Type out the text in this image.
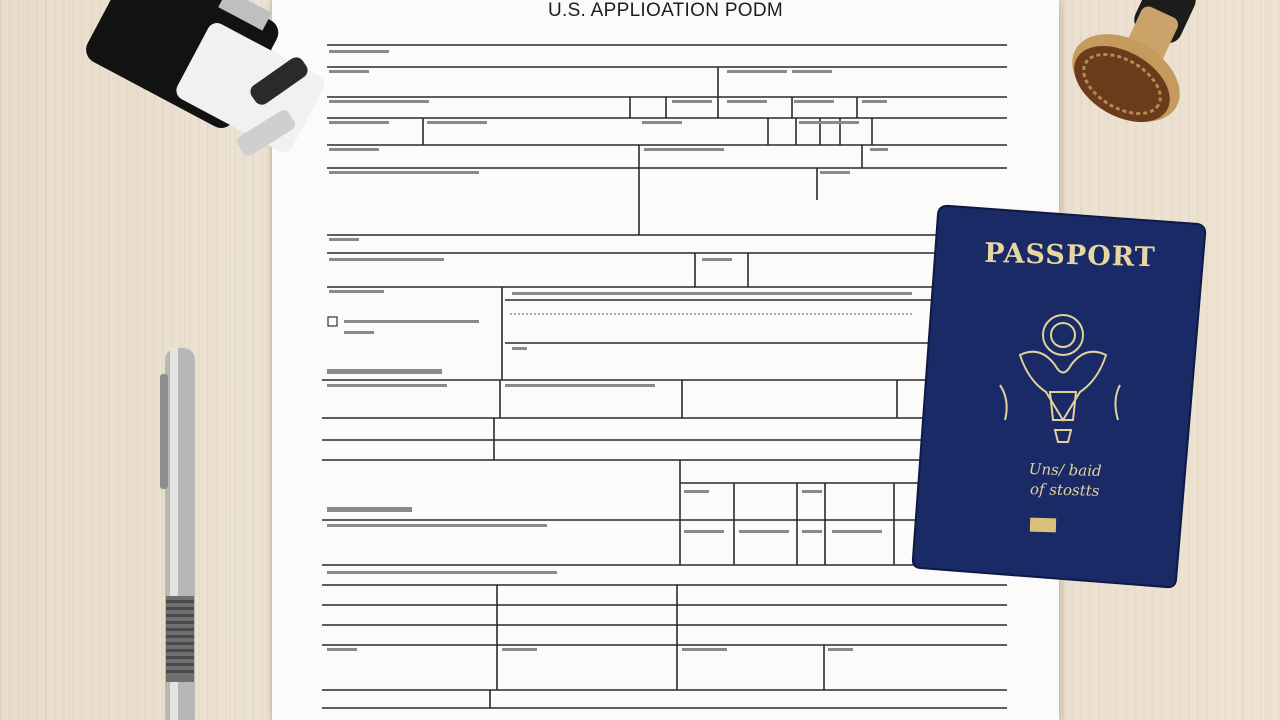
U.S. APPLIOATION PODM
PASSPORT
Uns/ baid
of stostts
